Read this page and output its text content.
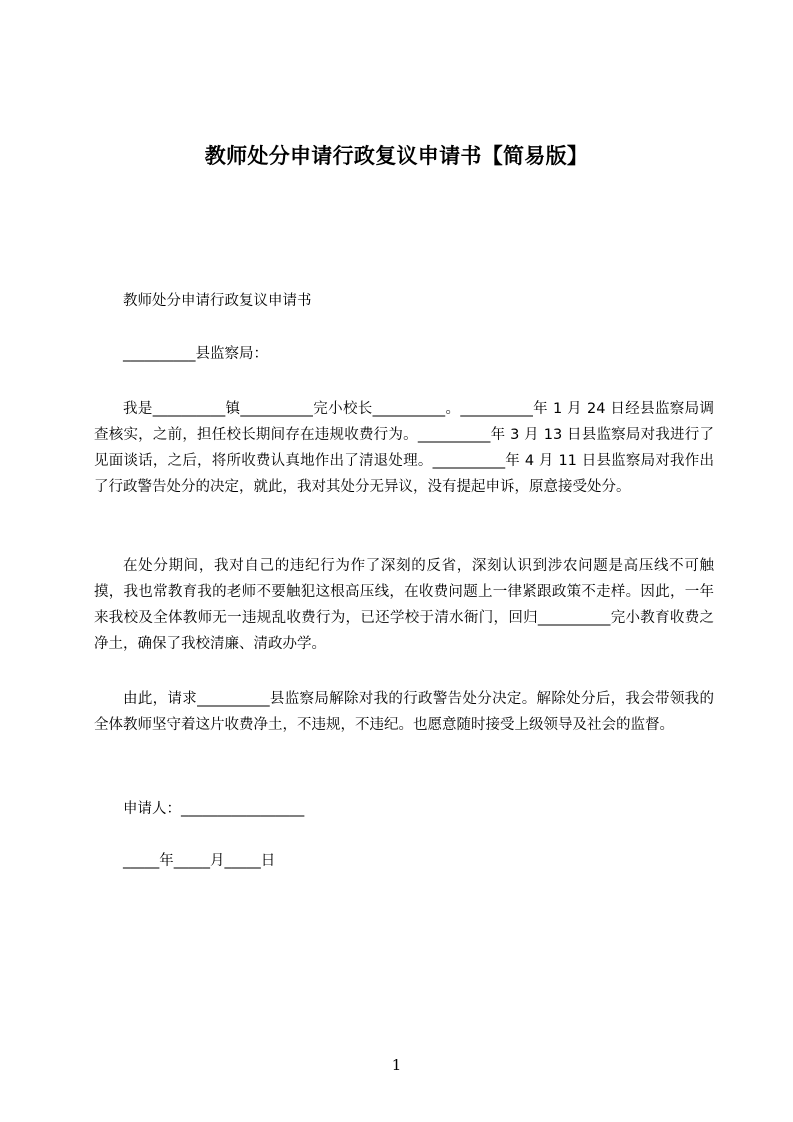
教师处分申请行政复议申请书【简易版】

教师处分申请行政复议申请书

__________县监察局：

我是__________镇__________完小校长__________。__________年 1 月 24 日经县监察局调查核实，之前，担任校长期间存在违规收费行为。__________年 3 月 13 日县监察局对我进行了见面谈话，之后，将所收费认真地作出了清退处理。__________年 4 月 11 日县监察局对我作出了行政警告处分的决定，就此，我对其处分无异议，没有提起申诉，原意接受处分。

在处分期间，我对自己的违纪行为作了深刻的反省，深刻认识到涉农问题是高压线不可触摸，我也常教育我的老师不要触犯这根高压线，在收费问题上一律紧跟政策不走样。因此，一年来我校及全体教师无一违规乱收费行为，已还学校于清水衙门，回归__________完小教育收费之净土，确保了我校清廉、清政办学。

由此，请求__________县监察局解除对我的行政警告处分决定。解除处分后，我会带领我的全体教师坚守着这片收费净土，不违规，不违纪。也愿意随时接受上级领导及社会的监督。

申请人：_________________

_____年_____月_____日

1
